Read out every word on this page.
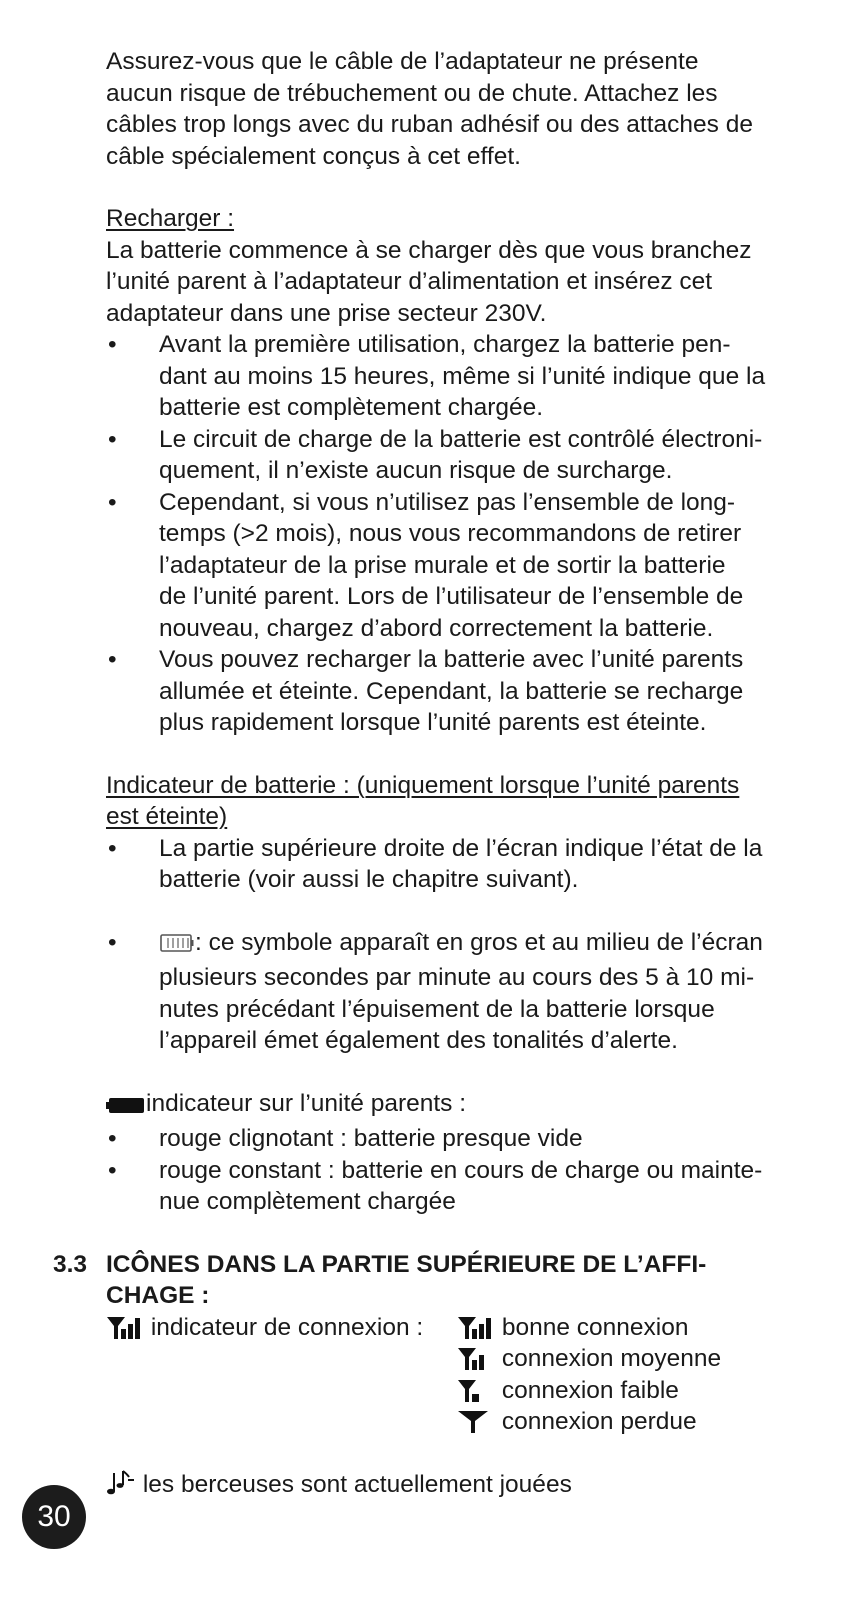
Assurez-vous que le câble de l’adaptateur ne présente
aucun risque de trébuchement ou de chute. Attachez les
câbles trop longs avec du ruban adhésif ou des attaches de
câble spécialement conçus à cet effet.
Recharger :
La batterie commence à se charger dès que vous branchez
l’unité parent à l’adaptateur d’alimentation et insérez cet
adaptateur dans une prise secteur 230V.
• Avant la première utilisation, chargez la batterie pen-
dant au moins 15 heures, même si l’unité indique que la
batterie est complètement chargée.
• Le circuit de charge de la batterie est contrôlé électroni-
quement, il n’existe aucun risque de surcharge.
• Cependant, si vous n’utilisez pas l’ensemble de long-
temps (>2 mois), nous vous recommandons de retirer
l’adaptateur de la prise murale et de sortir la batterie
de l’unité parent. Lors de l’utilisateur de l’ensemble de
nouveau, chargez d’abord correctement la batterie.
• Vous pouvez recharger la batterie avec l’unité parents
allumée et éteinte. Cependant, la batterie se recharge
plus rapidement lorsque l’unité parents est éteinte.
Indicateur de batterie : (uniquement lorsque l’unité parents
est éteinte)
• La partie supérieure droite de l’écran indique l’état de la
batterie (voir aussi le chapitre suivant).
•	: ce symbole apparaît en gros et au milieu de l’écran
plusieurs secondes par minute au cours des 5 à 10 mi-
nutes précédant l’épuisement de la batterie lorsque
l’appareil émet également des tonalités d’alerte.
indicateur sur l’unité parents :
• rouge clignotant : batterie presque vide
• rouge constant : batterie en cours de charge ou mainte-
nue complètement chargée
3.3 ICÔNES DANS LA PARTIE SUPÉRIEURE DE L’AFFI-
CHAGE :
indicateur de connexion :	bonne connexion
connexion moyenne
connexion faible
connexion perdue
les berceuses sont actuellement jouées
30
